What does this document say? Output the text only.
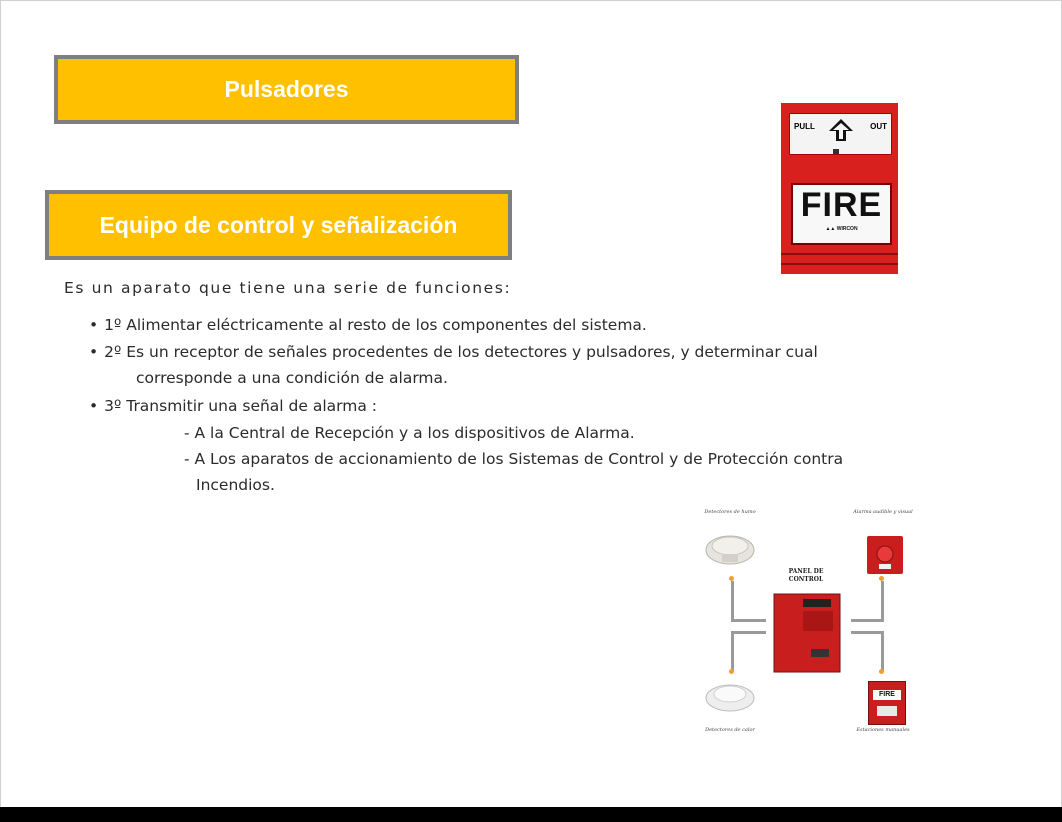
Pulsadores
Equipo de control y señalización
PULL	OUT
FIRE
▲▲ WIRCON
Es un aparato que tiene una serie de funciones:
• 1º Alimentar eléctricamente al resto de los componentes del sistema.
• 2º Es un receptor de señales procedentes de los detectores y pulsadores, y determinar cual
corresponde a una condición de alarma.
• 3º Transmitir una señal de alarma :
- A la Central de Recepción y a los dispositivos de Alarma.
- A Los aparatos de accionamiento de los Sistemas de Control y de Protección contra
Incendios.
Detectores de humo	Alarma audible y visual
PANEL DE CONTROL
FIRE
Detectores de calor	Estaciones manuales
